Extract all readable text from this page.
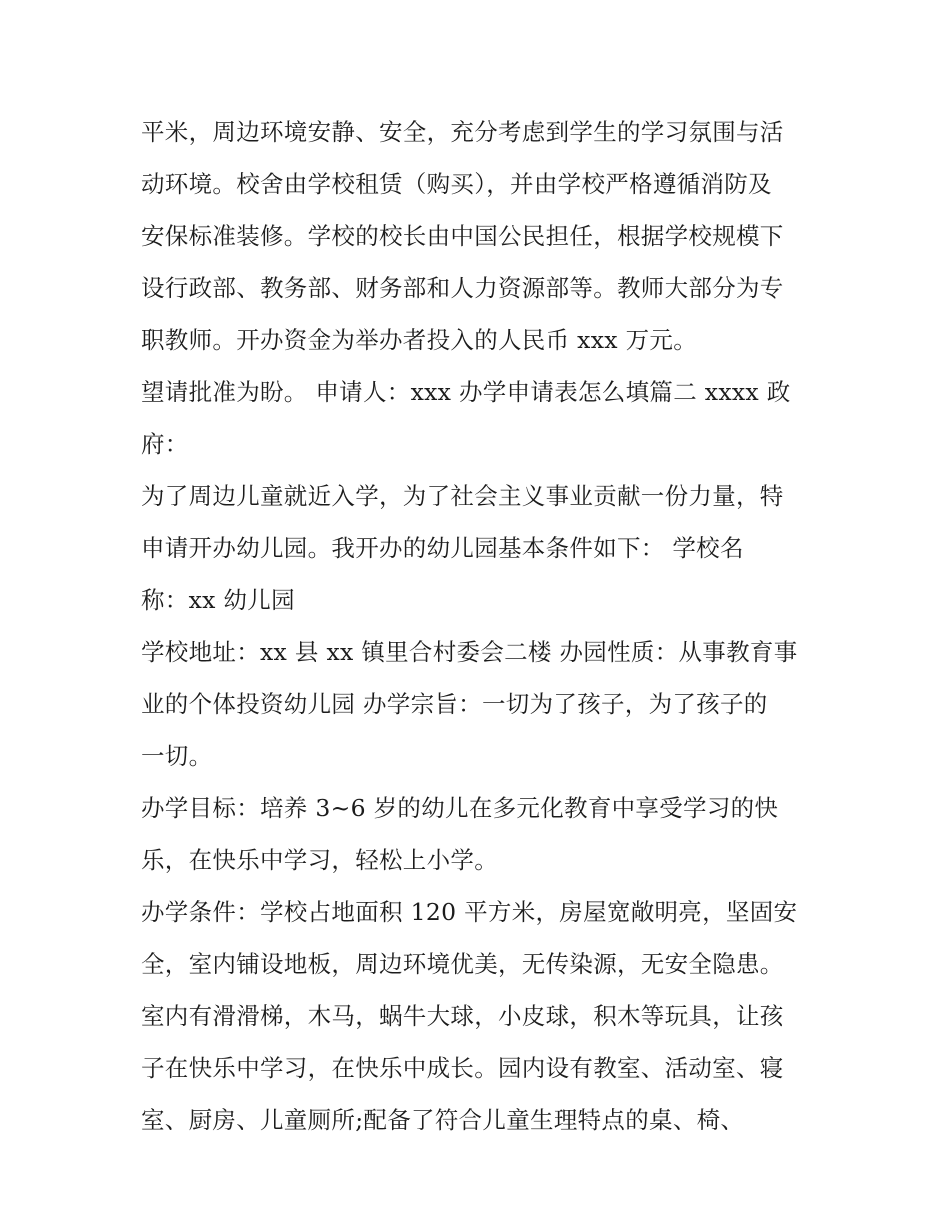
平米，周边环境安静、安全，充分考虑到学生的学习氛围与活
动环境。校舍由学校租赁（购买），并由学校严格遵循消防及
安保标准装修。学校的校长由中国公民担任，根据学校规模下
设行政部、教务部、财务部和人力资源部等。教师大部分为专
职教师。开办资金为举办者投入的人民币 xxx 万元。
望请批准为盼。 申请人：xxx 办学申请表怎么填篇二 xxxx 政
府：
为了周边儿童就近入学，为了社会主义事业贡献一份力量，特
申请开办幼儿园。我开办的幼儿园基本条件如下： 学校名
称：xx 幼儿园
学校地址：xx 县 xx 镇里合村委会二楼 办园性质：从事教育事
业的个体投资幼儿园 办学宗旨：一切为了孩子，为了孩子的
一切。
办学目标：培养 3~6 岁的幼儿在多元化教育中享受学习的快
乐，在快乐中学习，轻松上小学。
办学条件：学校占地面积 120 平方米，房屋宽敞明亮，坚固安
全，室内铺设地板，周边环境优美，无传染源，无安全隐患。
室内有滑滑梯，木马，蜗牛大球，小皮球，积木等玩具，让孩
子在快乐中学习，在快乐中成长。园内设有教室、活动室、寝
室、厨房、儿童厕所;配备了符合儿童生理特点的桌、椅、
